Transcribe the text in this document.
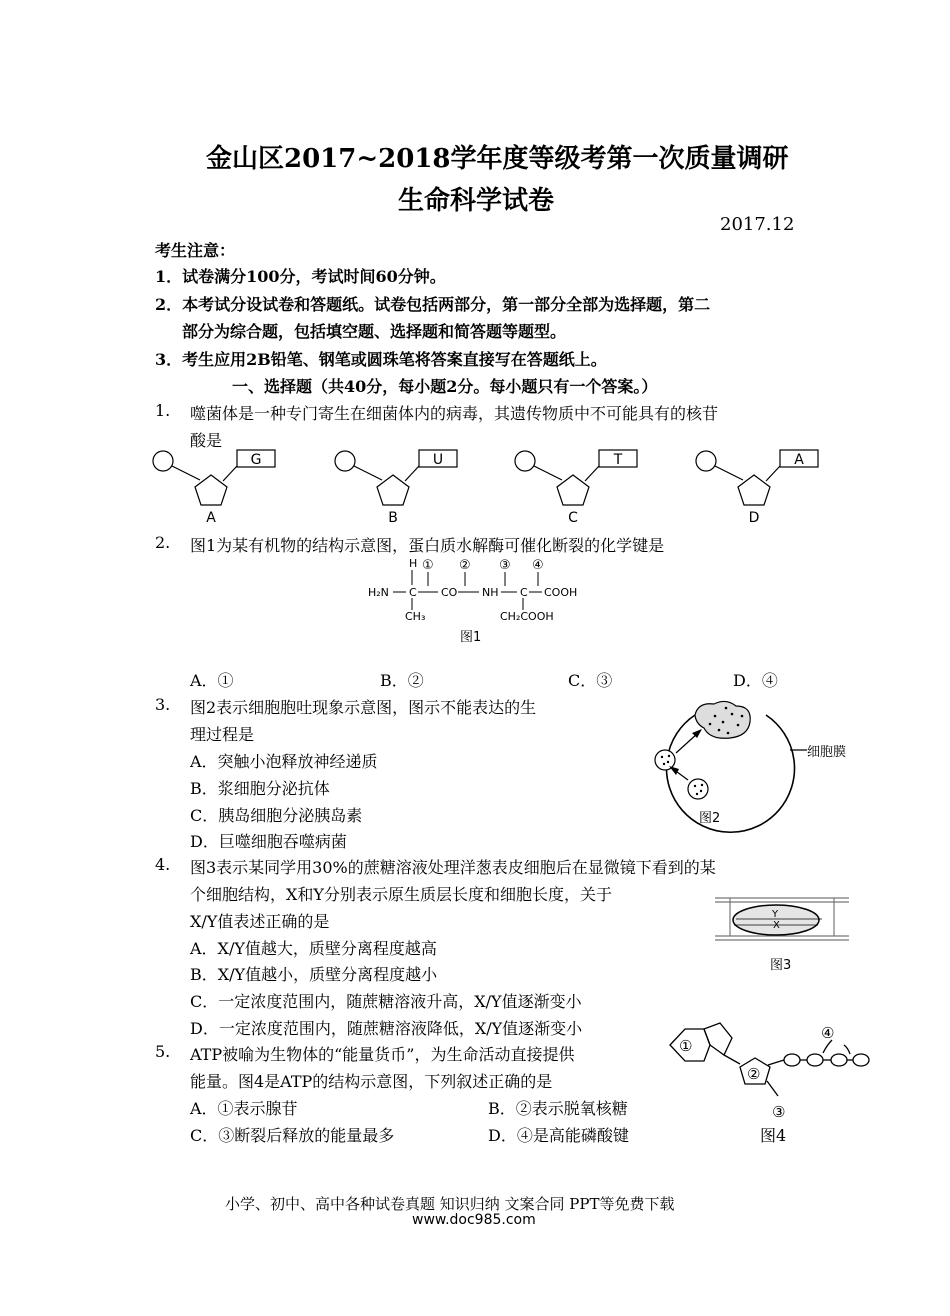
金山区2017~2018学年度等级考第一次质量调研
生命科学试卷
2017.12
考生注意：
1．试卷满分100分，考试时间60分钟。
2．本考试分设试卷和答题纸。试卷包括两部分，第一部分全部为选择题，第二
部分为综合题，包括填空题、选择题和简答题等题型。
3．考生应用2B铅笔、钢笔或圆珠笔将答案直接写在答题纸上。
一、选择题（共40分，每小题2分。每小题只有一个答案。）
1. 噬菌体是一种专门寄生在细菌体内的病毒，其遗传物质中不可能具有的核苷
酸是
G
A
U
B
T
C
A
D
2. 图1为某有机物的结构示意图，蛋白质水解酶可催化断裂的化学键是
H ① ② ③ ④
H₂N C CO NH C COOH
CH₃	CH₂COOH
图1
A．①	B．②	C．③	D．④
3. 图2表示细胞胞吐现象示意图，图示不能表达的生
理过程是
A．突触小泡释放神经递质
B．浆细胞分泌抗体
C．胰岛细胞分泌胰岛素
D．巨噬细胞吞噬病菌
细胞膜
图2
4. 图3表示某同学用30%的蔗糖溶液处理洋葱表皮细胞后在显微镜下看到的某
个细胞结构，X和Y分别表示原生质层长度和细胞长度，关于
X/Y值表述正确的是
A．X/Y值越大，质壁分离程度越高
B．X/Y值越小，质壁分离程度越小
C．一定浓度范围内，随蔗糖溶液升高，X/Y值逐渐变小
D．一定浓度范围内，随蔗糖溶液降低，X/Y值逐渐变小
Y
X
图3
5. ATP被喻为生物体的“能量货币”，为生命活动直接提供
能量。图4是ATP的结构示意图，下列叙述正确的是
A．①表示腺苷	B．②表示脱氧核糖
C．③断裂后释放的能量最多	D．④是高能磷酸键	图4
①
②
③
④
小学、初中、高中各种试卷真题 知识归纳 文案合同 PPT等免费下载
www.doc985.com
